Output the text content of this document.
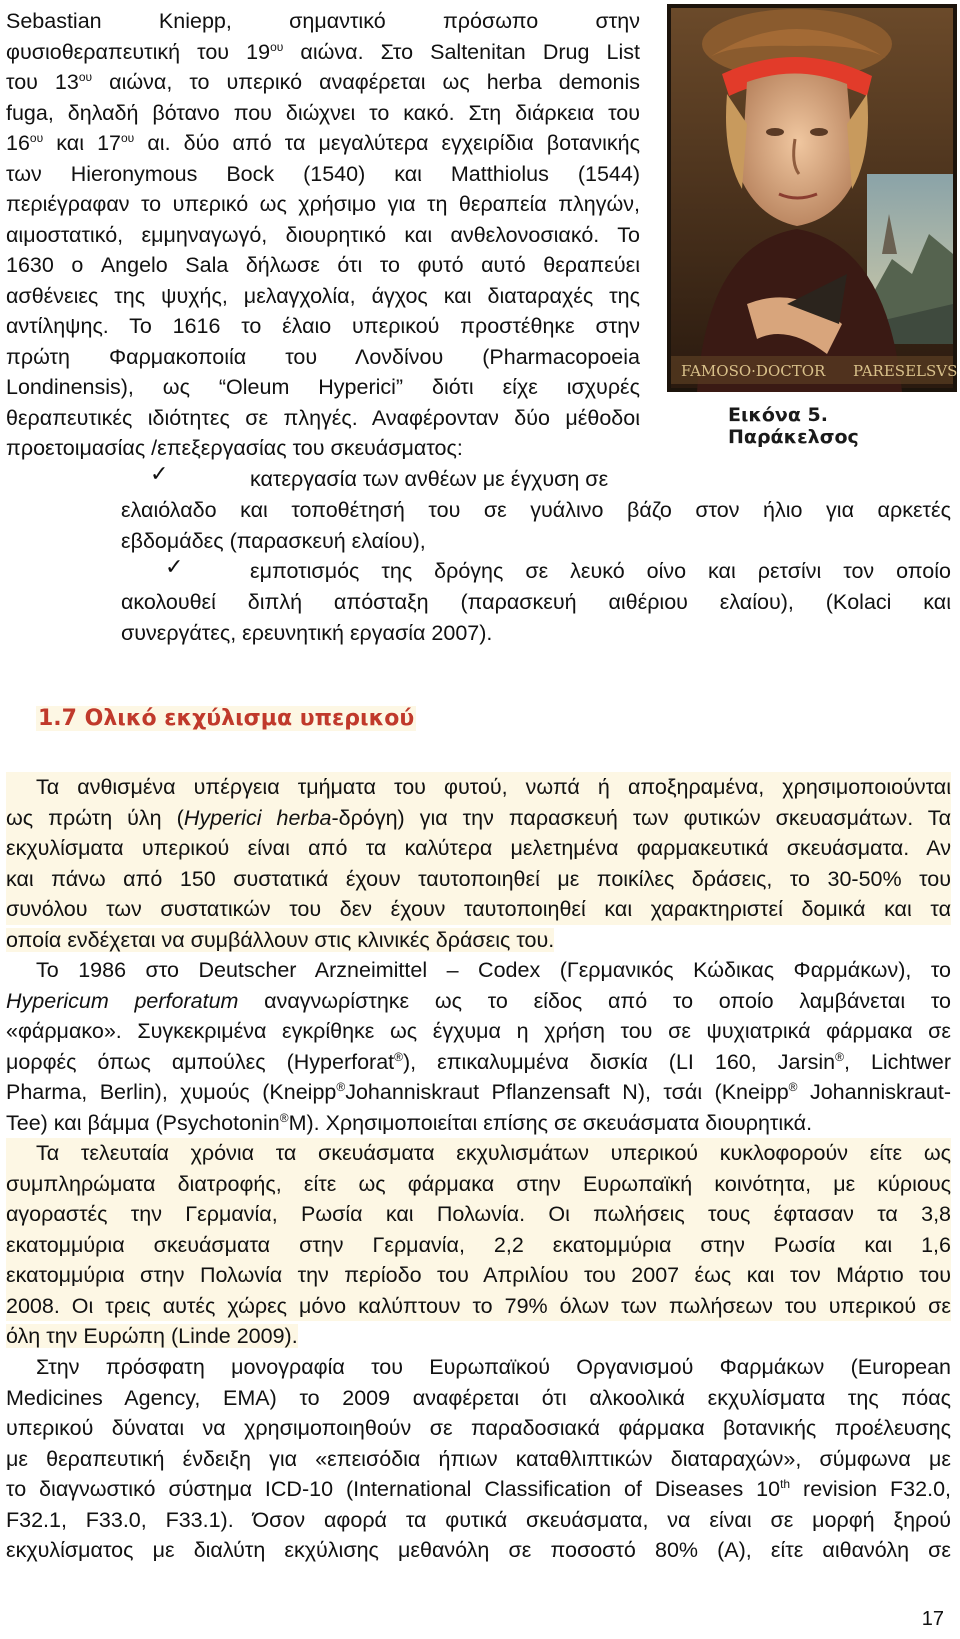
Sebastian Kniepp, σημαντικό πρόσωπο στην
φυσιοθεραπευτική του $19^{o\upsilon}$ αιώνα. Στο Saltenitan Drug List
του $13^{o\upsilon}$ αιώνα, το υπερικό αναφέρεται ως herba demonis
fuga, δηλαδή βότανο που διώχνει το κακό. Στη διάρκεια του
$16^{o\upsilon}$ και $17^{o\upsilon}$ αι. δύο από τα μεγαλύτερα εγχειρίδια βοτανικής
των Hieronymous Bock (1540) και Matthiolus (1544)
περιέγραφαν το υπερικό ως χρήσιμο για τη θεραπεία πληγών,
αιμοστατικό, εμμηναγωγό, διουρητικό και ανθελονοσιακό. Το
1630 ο Angelo Sala δήλωσε ότι το φυτό αυτό θεραπεύει
ασθένειες της ψυχής, μελαγχολία, άγχος και διαταραχές της
αντίληψης. Το 1616 το έλαιο υπερικού προστέθηκε στην
πρώτη Φαρμακοποιία του Λονδίνου (Pharmacopoeia
Londinensis), ως “Oleum Hyperici” διότι είχε ισχυρές
θεραπευτικές ιδιότητες σε πληγές. Αναφέρονταν δύο μέθοδοι
προετοιμασίας /επεξεργασίας του σκευάσματος:
FAMOSO·DOCTOR PARESELSVS
Εικόνα 5. Παράκελσος
✓	κατεργασία των ανθέων με έγχυση σε
ελαιόλαδο και τοποθέτησή του σε γυάλινο βάζο στον ήλιο για αρκετές
εβδομάδες (παρασκευή ελαίου),
✓	εμποτισμός της δρόγης σε λευκό οίνο και ρετσίνι τον οποίο
ακολουθεί διπλή απόσταξη (παρασκευή αιθέριου ελαίου), (Kolaci και
συνεργάτες, ερευνητική εργασία 2007).
1.7 Ολικό εκχύλισμα υπερικού
Τα ανθισμένα υπέργεια τμήματα του φυτού, νωπά ή αποξηραμένα, χρησιμοποιούνται
ως πρώτη ύλη (Hyperici herba-δρόγη) για την παρασκευή των φυτικών σκευασμάτων. Τα
εκχυλίσματα υπερικού είναι από τα καλύτερα μελετημένα φαρμακευτικά σκευάσματα. Αν
και πάνω από 150 συστατικά έχουν ταυτοποιηθεί με ποικίλες δράσεις, το 30-50% του
συνόλου των συστατικών του δεν έχουν ταυτοποιηθεί και χαρακτηριστεί δομικά και τα
οποία ενδέχεται να συμβάλλουν στις κλινικές δράσεις του.
Το 1986 στο Deutscher Arzneimittel – Codex (Γερμανικός Κώδικας Φαρμάκων), το
Hypericum perforatum αναγνωρίστηκε ως το είδος από το οποίο λαμβάνεται το
«φάρμακο». Συγκεκριμένα εγκρίθηκε ως έγχυμα η χρήση του σε ψυχιατρικά φάρμακα σε
μορφές όπως αμπούλες (Hyperforat®), επικαλυμμένα δισκία (LI 160, Jarsin®, Lichtwer
Pharma, Berlin), χυμούς (Kneipp®Johanniskraut Pflanzensaft N), τσάι (Kneipp® Johanniskraut-
Tee) και βάμμα (Psychotonin®M). Χρησιμοποιείται επίσης σε σκευάσματα διουρητικά.
Τα τελευταία χρόνια τα σκευάσματα εκχυλισμάτων υπερικού κυκλοφορούν είτε ως
συμπληρώματα διατροφής, είτε ως φάρμακα στην Ευρωπαϊκή κοινότητα, με κύριους
αγοραστές την Γερμανία, Ρωσία και Πολωνία. Οι πωλήσεις τους έφτασαν τα 3,8
εκατομμύρια σκευάσματα στην Γερμανία, 2,2 εκατομμύρια στην Ρωσία και 1,6
εκατομμύρια στην Πολωνία την περίοδο του Απριλίου του 2007 έως και τον Μάρτιο του
2008. Οι τρεις αυτές χώρες μόνο καλύπτουν το 79% όλων των πωλήσεων του υπερικού σε
όλη την Ευρώπη (Linde 2009).
Στην πρόσφατη μονογραφία του Ευρωπαϊκού Οργανισμού Φαρμάκων (European
Medicines Agency, EMA) το 2009 αναφέρεται ότι αλκοολικά εκχυλίσματα της πόας
υπερικού δύναται να χρησιμοποιηθούν σε παραδοσιακά φάρμακα βοτανικής προέλευσης
με θεραπευτική ένδειξη για «επεισόδια ήπιων καταθλιπτικών διαταραχών», σύμφωνα με
το διαγνωστικό σύστημα ICD-10 (International Classification of Diseases 10th revision F32.0,
F32.1, F33.0, F33.1). Όσον αφορά τα φυτικά σκευάσματα, να είναι σε μορφή ξηρού
εκχυλίσματος με διαλύτη εκχύλισης μεθανόλη σε ποσοστό 80% (Α), είτε αιθανόλη σε
17
